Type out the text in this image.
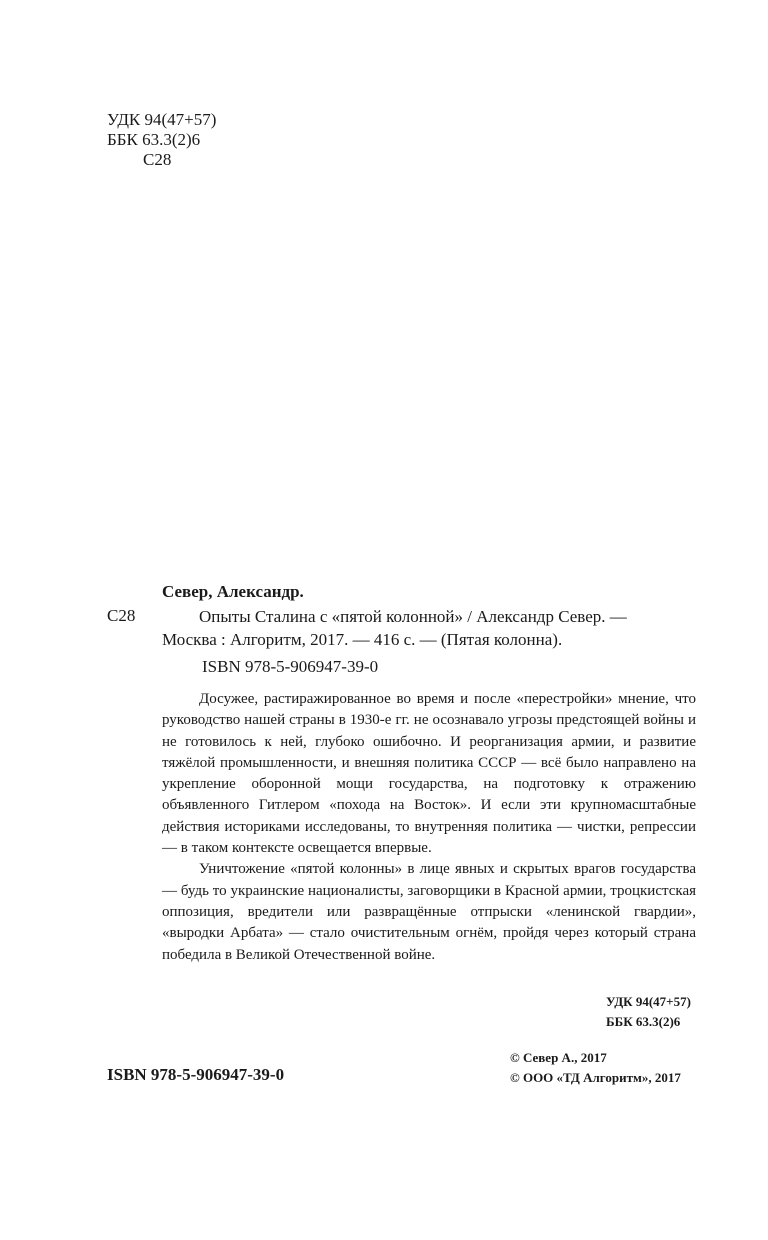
УДК 94(47+57)
ББК 63.3(2)6
С28
Север, Александр.
С28	Опыты Сталина с «пятой колонной» / Александр Север. —
Москва : Алгоритм, 2017. — 416 с. — (Пятая колонна).
ISBN 978-5-906947-39-0

Досужее, растиражированное во время и после «перестройки» мнение, что руководство нашей страны в 1930-е гг. не осознавало угрозы предстоящей войны и не готовилось к ней, глубоко ошибочно. И реорганизация армии, и развитие тяжёлой промышленности, и внешняя политика СССР — всё было направлено на укрепление оборонной мощи государства, на подготовку к отражению объявленного Гитлером «похода на Восток». И если эти крупномасштабные действия историками исследованы, то внутренняя политика — чистки, репрессии — в таком контексте освещается впервые.

Уничтожение «пятой колонны» в лице явных и скрытых врагов государства — будь то украинские националисты, заговорщики в Красной армии, троцкистская оппозиция, вредители или развращённые отпрыски «ленинской гвардии», «выродки Арбата» — стало очистительным огнём, пройдя через который страна победила в Великой Отечественной войне.

УДК 94(47+57)
ББК 63.3(2)6
ISBN 978-5-906947-39-0
© Север А., 2017
© ООО «ТД Алгоритм», 2017
